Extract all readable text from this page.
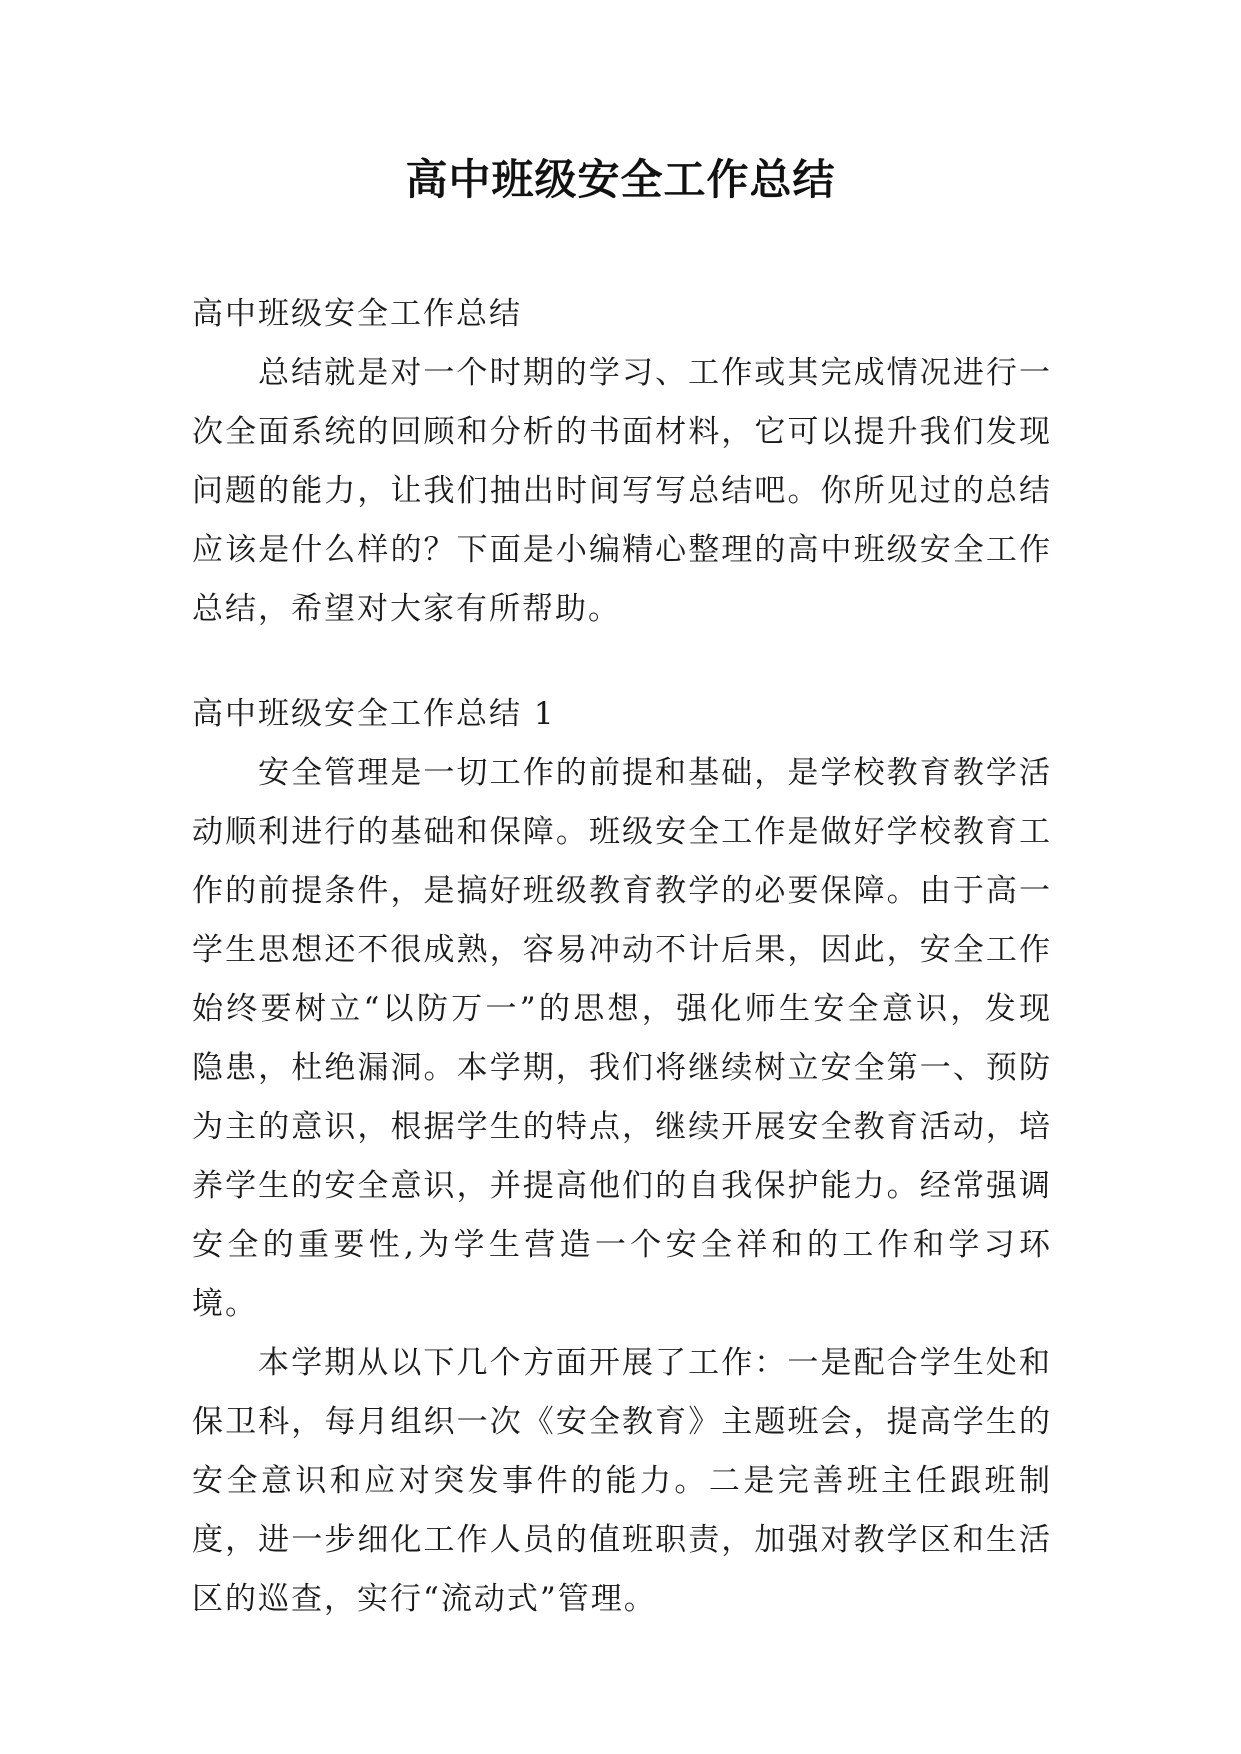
高中班级安全工作总结

高中班级安全工作总结

总结就是对一个时期的学习、工作或其完成情况进行一次全面系统的回顾和分析的书面材料，它可以提升我们发现问题的能力，让我们抽出时间写写总结吧。你所见过的总结应该是什么样的？下面是小编精心整理的高中班级安全工作总结，希望对大家有所帮助。

高中班级安全工作总结 1

安全管理是一切工作的前提和基础，是学校教育教学活动顺利进行的基础和保障。班级安全工作是做好学校教育工作的前提条件，是搞好班级教育教学的必要保障。由于高一学生思想还不很成熟，容易冲动不计后果，因此，安全工作始终要树立“以防万一”的思想，强化师生安全意识，发现隐患，杜绝漏洞。本学期，我们将继续树立安全第一、预防为主的意识，根据学生的特点，继续开展安全教育活动，培养学生的安全意识，并提高他们的自我保护能力。经常强调安全的重要性,为学生营造一个安全祥和的工作和学习环境。

本学期从以下几个方面开展了工作：一是配合学生处和保卫科，每月组织一次《安全教育》主题班会，提高学生的安全意识和应对突发事件的能力。二是完善班主任跟班制度，进一步细化工作人员的值班职责，加强对教学区和生活区的巡查，实行“流动式”管理。
